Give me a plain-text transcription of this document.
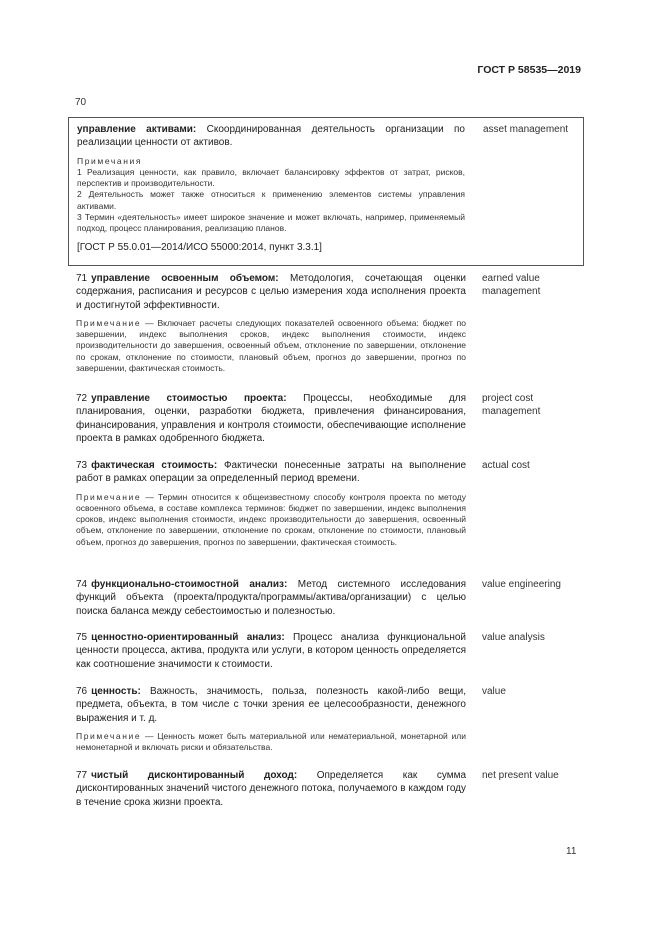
ГОСТ Р 58535—2019
70

управление активами: Скоординированная деятельность организации по реализации ценности от активов.

Примечания

1 Реализация ценности, как правило, включает балансировку эффектов от затрат, рисков, перспектив и производительности.

2 Деятельность может также относиться к применению элементов системы управления активами.

3 Термин «деятельность» имеет широкое значение и может включать, например, применяемый подход, процесс планирования, реализацию планов.

[ГОСТ Р 55.0.01—2014/ИСО 55000:2014, пункт 3.3.1]

asset management

71 управление освоенным объемом: Методология, сочетающая оценки содержания, расписания и ресурсов с целью измерения хода исполнения проекта и достигнутой эффективности.

Примечание — Включает расчеты следующих показателей освоенного объема: бюджет по завершении, индекс выполнения сроков, индекс выполнения стоимости, индекс производительности до завершения, освоенный объем, отклонение по завершении, отклонение по срокам, отклонение по стоимости, плановый объем, прогноз до завершении, прогноз по завершении, фактическая стоимость.

earned value management

72 управление стоимостью проекта: Процессы, необходимые для планирования, оценки, разработки бюджета, привлечения финансирования, финансирования, управления и контроля стоимости, обеспечивающие исполнение проекта в рамках одобренного бюджета.

project cost management

73 фактическая стоимость: Фактически понесенные затраты на выполнение работ в рамках операции за определенный период времени.

Примечание — Термин относится к общеизвестному способу контроля проекта по методу освоенного объема, в составе комплекса терминов: бюджет по завершении, индекс выполнения сроков, индекс выполнения стоимости, индекс производительности до завершения, освоенный объем, отклонение по завершении, отклонение по срокам, отклонение по стоимости, плановый объем, прогноз до завершения, прогноз по завершении, фактическая стоимость.

actual cost

74 функционально-стоимостной анализ: Метод системного исследования функций объекта (проекта/продукта/программы/актива/организации) с целью поиска баланса между себестоимостью и полезностью.

value engineering

75 ценностно-ориентированный анализ: Процесс анализа функциональной ценности процесса, актива, продукта или услуги, в котором ценность определяется как соотношение значимости к стоимости.

value analysis

76 ценность: Важность, значимость, польза, полезность какой-либо вещи, предмета, объекта, в том числе с точки зрения ее целесообразности, денежного выражения и т. д.

Примечание — Ценность может быть материальной или нематериальной, монетарной или немонетарной и включать риски и обязательства.

value

77 чистый дисконтированный доход: Определяется как сумма дисконтированных значений чистого денежного потока, получаемого в каждом году в течение срока жизни проекта.

net present value
11
